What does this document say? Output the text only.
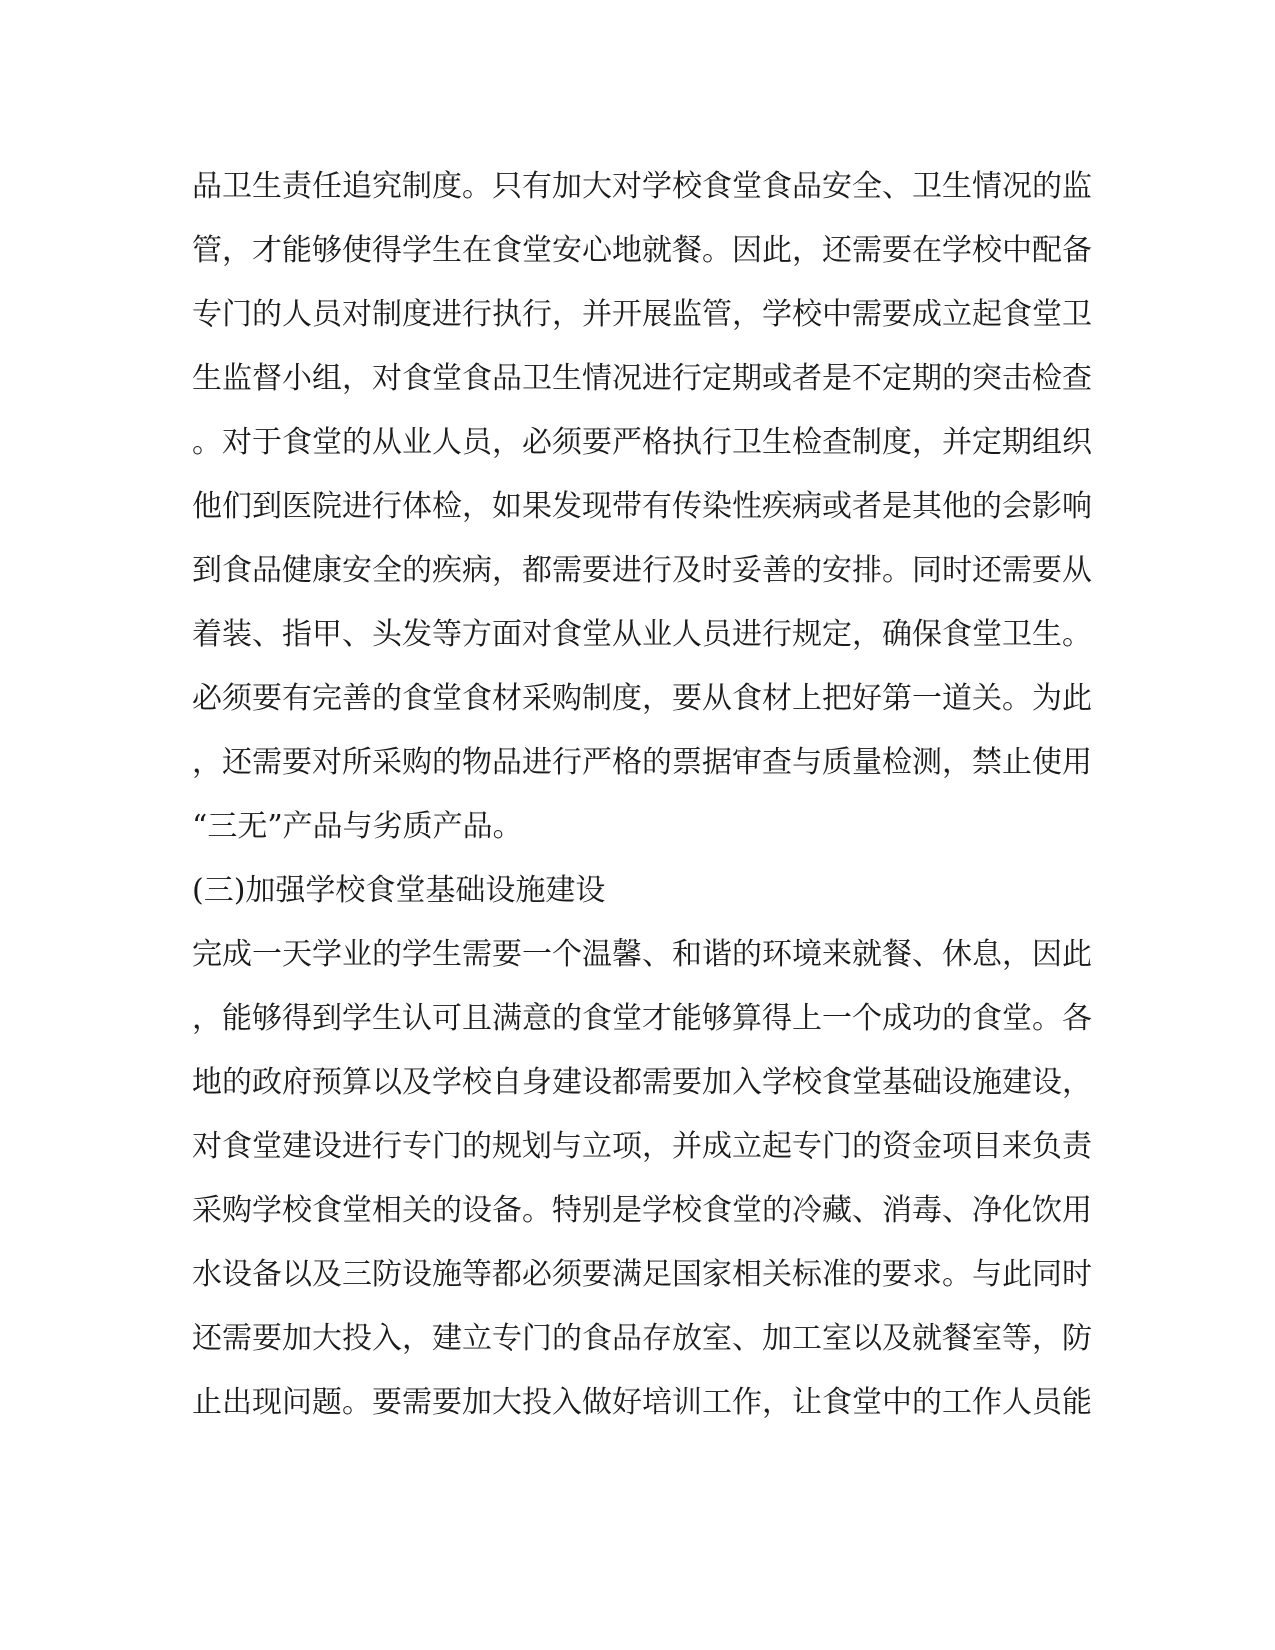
品卫生责任追究制度。只有加大对学校食堂食品安全、卫生情况的监
管，才能够使得学生在食堂安心地就餐。因此，还需要在学校中配备
专门的人员对制度进行执行，并开展监管，学校中需要成立起食堂卫
生监督小组，对食堂食品卫生情况进行定期或者是不定期的突击检查
。对于食堂的从业人员，必须要严格执行卫生检查制度，并定期组织
他们到医院进行体检，如果发现带有传染性疾病或者是其他的会影响
到食品健康安全的疾病，都需要进行及时妥善的安排。同时还需要从
着装、指甲、头发等方面对食堂从业人员进行规定，确保食堂卫生。
必须要有完善的食堂食材采购制度，要从食材上把好第一道关。为此
，还需要对所采购的物品进行严格的票据审查与质量检测，禁止使用
“三无”产品与劣质产品。
(三)加强学校食堂基础设施建设
完成一天学业的学生需要一个温馨、和谐的环境来就餐、休息，因此
，能够得到学生认可且满意的食堂才能够算得上一个成功的食堂。各
地的政府预算以及学校自身建设都需要加入学校食堂基础设施建设，
对食堂建设进行专门的规划与立项，并成立起专门的资金项目来负责
采购学校食堂相关的设备。特别是学校食堂的冷藏、消毒、净化饮用
水设备以及三防设施等都必须要满足国家相关标准的要求。与此同时
还需要加大投入，建立专门的食品存放室、加工室以及就餐室等，防
止出现问题。要需要加大投入做好培训工作，让食堂中的工作人员能
